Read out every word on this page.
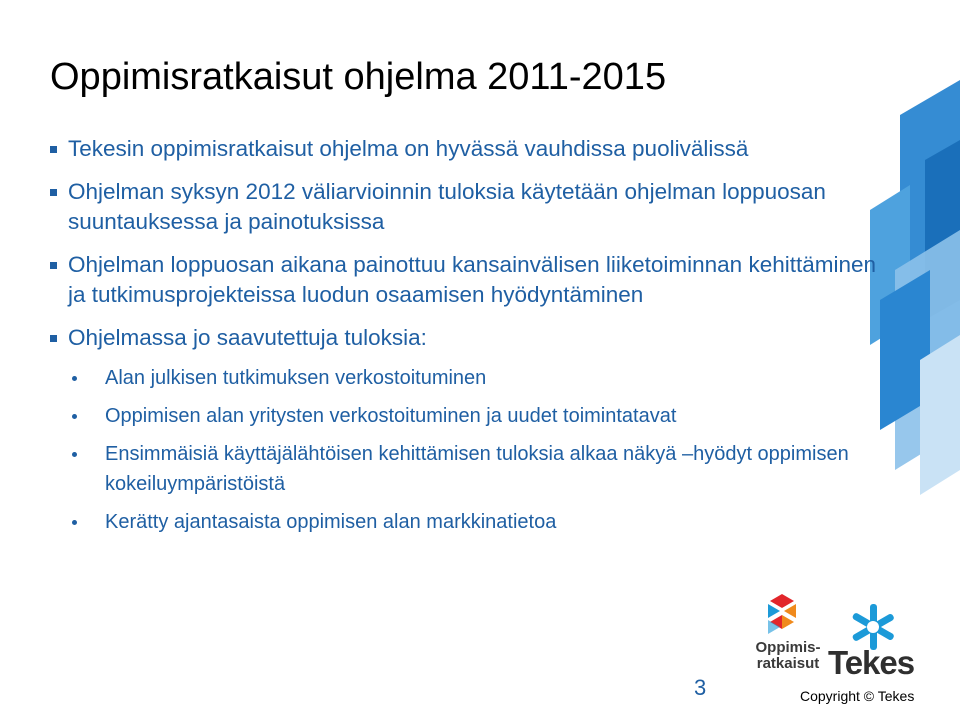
Oppimisratkaisut ohjelma 2011-2015
Tekesin oppimisratkaisut ohjelma on hyvässä vauhdissa puolivälissä
Ohjelman syksyn 2012 väliarvioinnin tuloksia käytetään ohjelman loppuosan suuntauksessa ja painotuksissa
Ohjelman loppuosan aikana painottuu kansainvälisen liiketoiminnan kehittäminen ja tutkimusprojekteissa luodun osaamisen hyödyntäminen
Ohjelmassa jo saavutettuja tuloksia:
Alan julkisen tutkimuksen verkostoituminen
Oppimisen alan yritysten verkostoituminen ja uudet toimintatavat
Ensimmäisiä käyttäjälähtöisen kehittämisen tuloksia alkaa näkyä –hyödyt oppimisen kokeiluympäristöistä
Kerätty ajantasaista oppimisen alan markkinatietoa
Oppimis-
ratkaisut Tekes
3	Copyright © Tekes
